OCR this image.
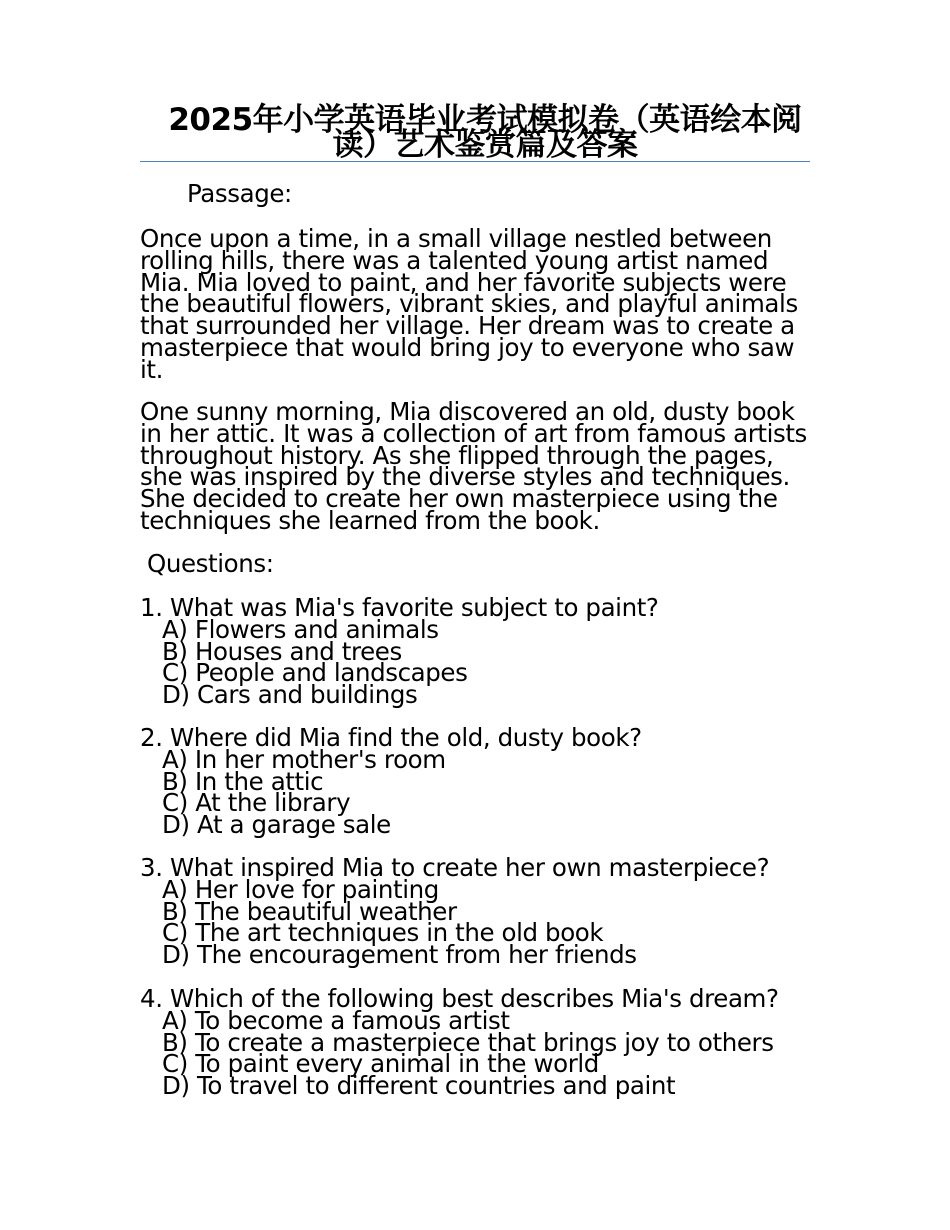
2025年小学英语毕业考试模拟卷（英语绘本阅读）艺术鉴赏篇及答案
Passage:

Once upon a time, in a small village nestled between rolling hills, there was a talented young artist named Mia. Mia loved to paint, and her favorite subjects were the beautiful flowers, vibrant skies, and playful animals that surrounded her village. Her dream was to create a masterpiece that would bring joy to everyone who saw it.

One sunny morning, Mia discovered an old, dusty book in her attic. It was a collection of art from famous artists throughout history. As she flipped through the pages, she was inspired by the diverse styles and techniques. She decided to create her own masterpiece using the techniques she learned from the book.

Questions:
1. What was Mia's favorite subject to paint?
A) Flowers and animals
B) Houses and trees
C) People and landscapes
D) Cars and buildings
2. Where did Mia find the old, dusty book?
A) In her mother's room
B) In the attic
C) At the library
D) At a garage sale
3. What inspired Mia to create her own masterpiece?
A) Her love for painting
B) The beautiful weather
C) The art techniques in the old book
D) The encouragement from her friends
4. Which of the following best describes Mia's dream?
A) To become a famous artist
B) To create a masterpiece that brings joy to others
C) To paint every animal in the world
D) To travel to different countries and paint
